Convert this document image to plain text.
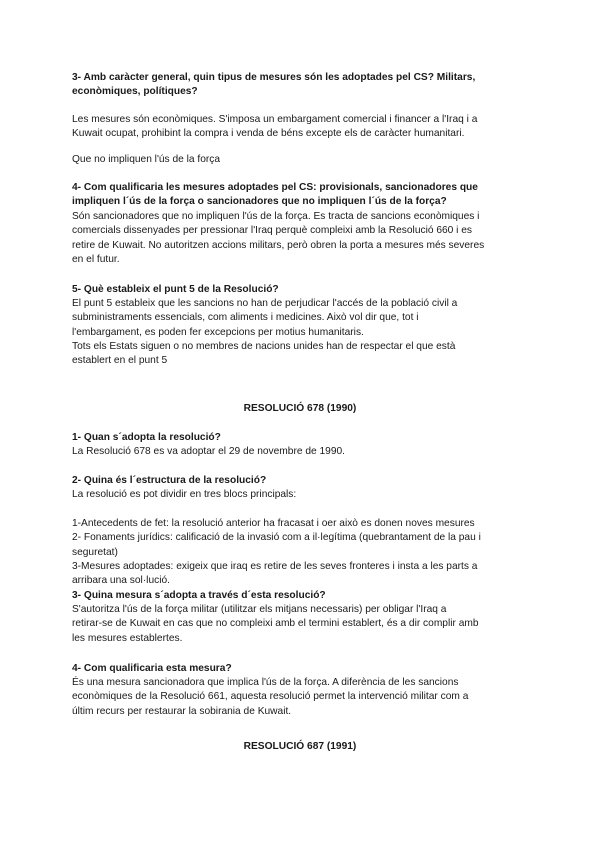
3- Amb caràcter general, quin tipus de mesures són les adoptades pel CS? Militars,
econòmiques, polítiques?
Les mesures són econòmiques. S'imposa un embargament comercial i financer a l'Iraq i a
Kuwait ocupat, prohibint la compra i venda de béns excepte els de caràcter humanitari.
Que no impliquen l'ús de la força
4- Com qualificaria les mesures adoptades pel CS: provisionals, sancionadores que
impliquen l´ús de la força o sancionadores que no impliquen l´ús de la força?
Són sancionadores que no impliquen l'ús de la força. Es tracta de sancions econòmiques i
comercials dissenyades per pressionar l'Iraq perquè compleixi amb la Resolució 660 i es
retire de Kuwait. No autoritzen accions militars, però obren la porta a mesures més severes
en el futur.
5- Què estableix el punt 5 de la Resolució?
El punt 5 estableix que les sancions no han de perjudicar l'accés de la població civil a
subministraments essencials, com aliments i medicines. Això vol dir que, tot i
l'embargament, es poden fer excepcions per motius humanitaris.
Tots els Estats siguen o no membres de nacions unides han de respectar el que està
establert en el punt 5
RESOLUCIÓ 678 (1990)
1- Quan s´adopta la resolució?
La Resolució 678 es va adoptar el 29 de novembre de 1990.
2- Quina és l´estructura de la resolució?
La resolució es pot dividir en tres blocs principals:
1-Antecedents de fet: la resolució anterior ha fracasat i oer això es donen noves mesures
2- Fonaments jurídics: calificació de la invasió com a il·legítima (quebrantament de la pau i
seguretat)
3-Mesures adoptades: exigeix que iraq es retire de les seves fronteres i insta a les parts a
arribara una sol·lució.
3- Quina mesura s´adopta a través d´esta resolució?
S'autoritza l'ús de la força militar (utilitzar els mitjans necessaris) per obligar l'Iraq a
retirar-se de Kuwait en cas que no compleixi amb el termini establert, és a dir complir amb
les mesures establertes.
4- Com qualificaria esta mesura?
És una mesura sancionadora que implica l'ús de la força. A diferència de les sancions
econòmiques de la Resolució 661, aquesta resolució permet la intervenció militar com a
últim recurs per restaurar la sobirania de Kuwait.
RESOLUCIÓ 687 (1991)
